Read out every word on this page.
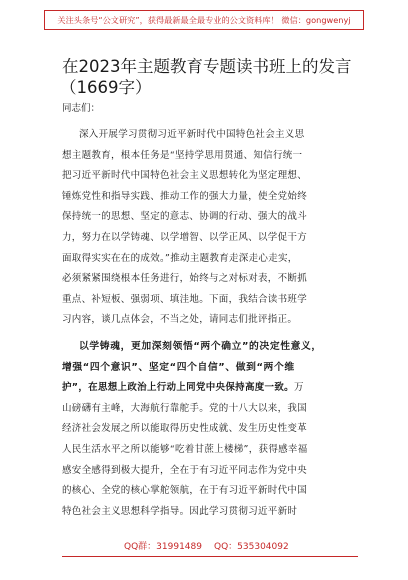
关注头条号“公文研究”，获得最新最全最专业的公文资料库！ 微信：gongwenyj
在2023年主题教育专题读书班上的发言
（1669字）
同志们：
深入开展学习贯彻习近平新时代中国特色社会主义思
想主题教育，根本任务是“坚持学思用贯通、知信行统一
把习近平新时代中国特色社会主义思想转化为坚定理想、
锤炼党性和指导实践、推动工作的强大力量，使全党始终
保持统一的思想、坚定的意志、协调的行动、强大的战斗
力，努力在以学铸魂、以学增智、以学正风、以学促干方
面取得实实在在的成效。”推动主题教育走深走心走实，
必须紧紧围绕根本任务进行，始终与之对标对表，不断抓
重点、补短板、强弱项、填洼地。下面，我结合读书班学
习内容，谈几点体会，不当之处，请同志们批评指正。
以学铸魂，更加深刻领悟“两个确立”的决定性意义，
增强“四个意识”、坚定“四个自信”、做到“两个维
护”，在思想上政治上行动上同党中央保持高度一致。万
山磅礴有主峰，大海航行靠舵手。党的十八大以来，我国
经济社会发展之所以能取得历史性成就、发生历史性变革
人民生活水平之所以能够“吃着甘蔗上楼梯”，获得感幸福
感安全感得到极大提升，全在于有习近平同志作为党中央
的核心、全党的核心掌舵领航，在于有习近平新时代中国
特色社会主义思想科学指导。因此学习贯彻习近平新时
QQ群：31991489 QQ：535304092
